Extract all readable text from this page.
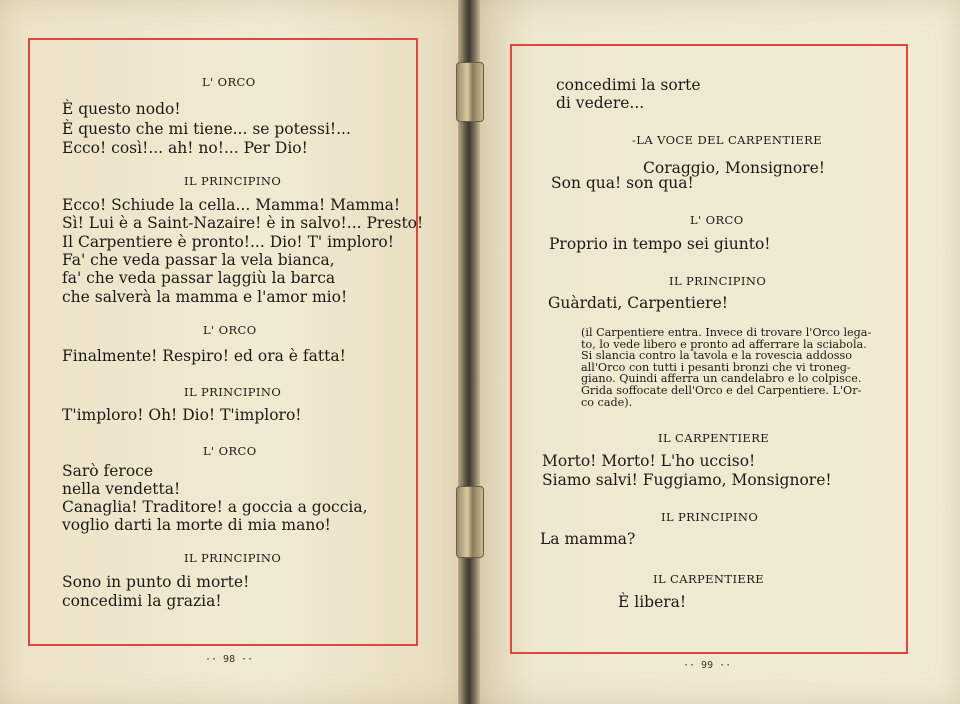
L' ORCO
È questo nodo!
È questo che mi tiene... se potessi!...
Ecco! così!... ah! no!... Per Dio!
IL PRINCIPINO
Ecco! Schiude la cella... Mamma! Mamma!
Sì! Lui è a Saint-Nazaire! è in salvo!... Presto!
Il Carpentiere è pronto!... Dio! T' imploro!
Fa' che veda passar la vela bianca,
fa' che veda passar laggiù la barca
che salverà la mamma e l'amor mio!
L' ORCO
Finalmente! Respiro! ed ora è fatta!
IL PRINCIPINO
T'imploro! Oh! Dio! T'imploro!
L' ORCO
Sarò feroce
nella vendetta!
Canaglia! Traditore! a goccia a goccia,
voglio darti la morte di mia mano!
IL PRINCIPINO
Sono in punto di morte!
concedimi la grazia!
·· 98 ··
concedimi la sorte
di vedere...
-LA VOCE DEL CARPENTIERE
Coraggio, Monsignore!
Son qua! son qua!
L' ORCO
Proprio in tempo sei giunto!
IL PRINCIPINO
Guàrdati, Carpentiere!
(il Carpentiere entra. Invece di trovare l'Orco lega-
to, lo vede libero e pronto ad afferrare la sciabola.
Si slancia contro la tavola e la rovescia addosso
all'Orco con tutti i pesanti bronzi che vi troneg-
giano. Quindi afferra un candelabro e lo colpisce.
Grida soffocate dell'Orco e del Carpentiere. L'Or-
co cade).
IL CARPENTIERE
Morto! Morto! L'ho ucciso!
Siamo salvi! Fuggiamo, Monsignore!
IL PRINCIPINO
La mamma?
IL CARPENTIERE
È libera!
·· 99 ··
